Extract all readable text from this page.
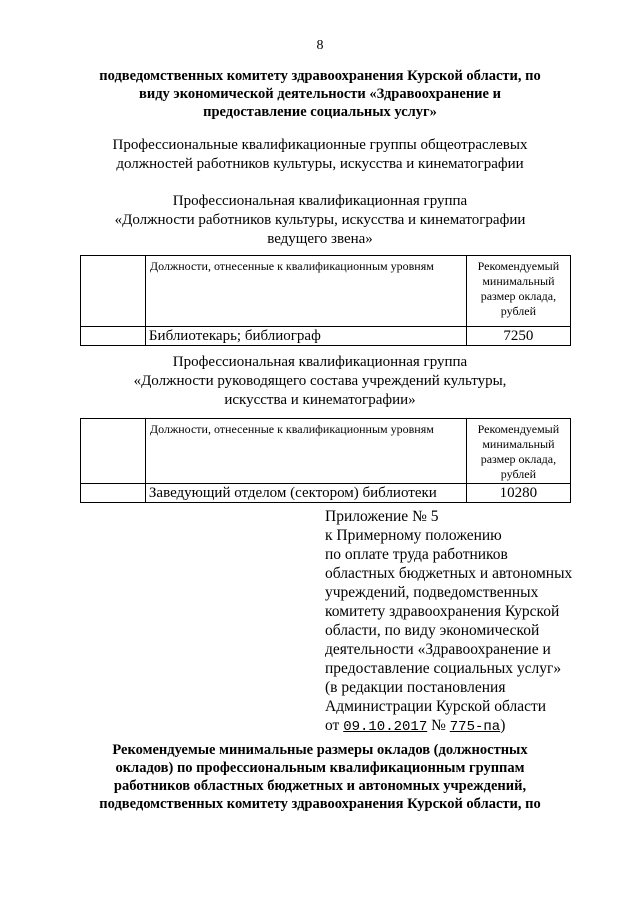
8
подведомственных комитету здравоохранения Курской области, по
виду экономической деятельности «Здравоохранение и
предоставление социальных услуг»
Профессиональные квалификационные группы общеотраслевых
должностей работников культуры, искусства и кинематографии
Профессиональная квалификационная группа
«Должности работников культуры, искусства и кинематографии
ведущего звена»
	Должности, отнесенные к квалификационным уровням	Рекомендуемый
минимальный
размер оклада,
рублей

	Библиотекарь; библиограф	7250
Профессиональная квалификационная группа
«Должности руководящего состава учреждений культуры,
искусства и кинематографии»
	Должности, отнесенные к квалификационным уровням	Рекомендуемый
минимальный
размер оклада,
рублей

	Заведующий отделом (сектором) библиотеки	10280
Приложение № 5
к Примерному положению
по оплате труда работников
областных бюджетных и автономных
учреждений, подведомственных
комитету здравоохранения Курской
области, по виду экономической
деятельности «Здравоохранение и
предоставление социальных услуг»
(в редакции постановления
Администрации Курской области
от 09.10.2017 № 775-па)
Рекомендуемые минимальные размеры окладов (должностных
окладов) по профессиональным квалификационным группам
работников областных бюджетных и автономных учреждений,
подведомственных комитету здравоохранения Курской области, по
